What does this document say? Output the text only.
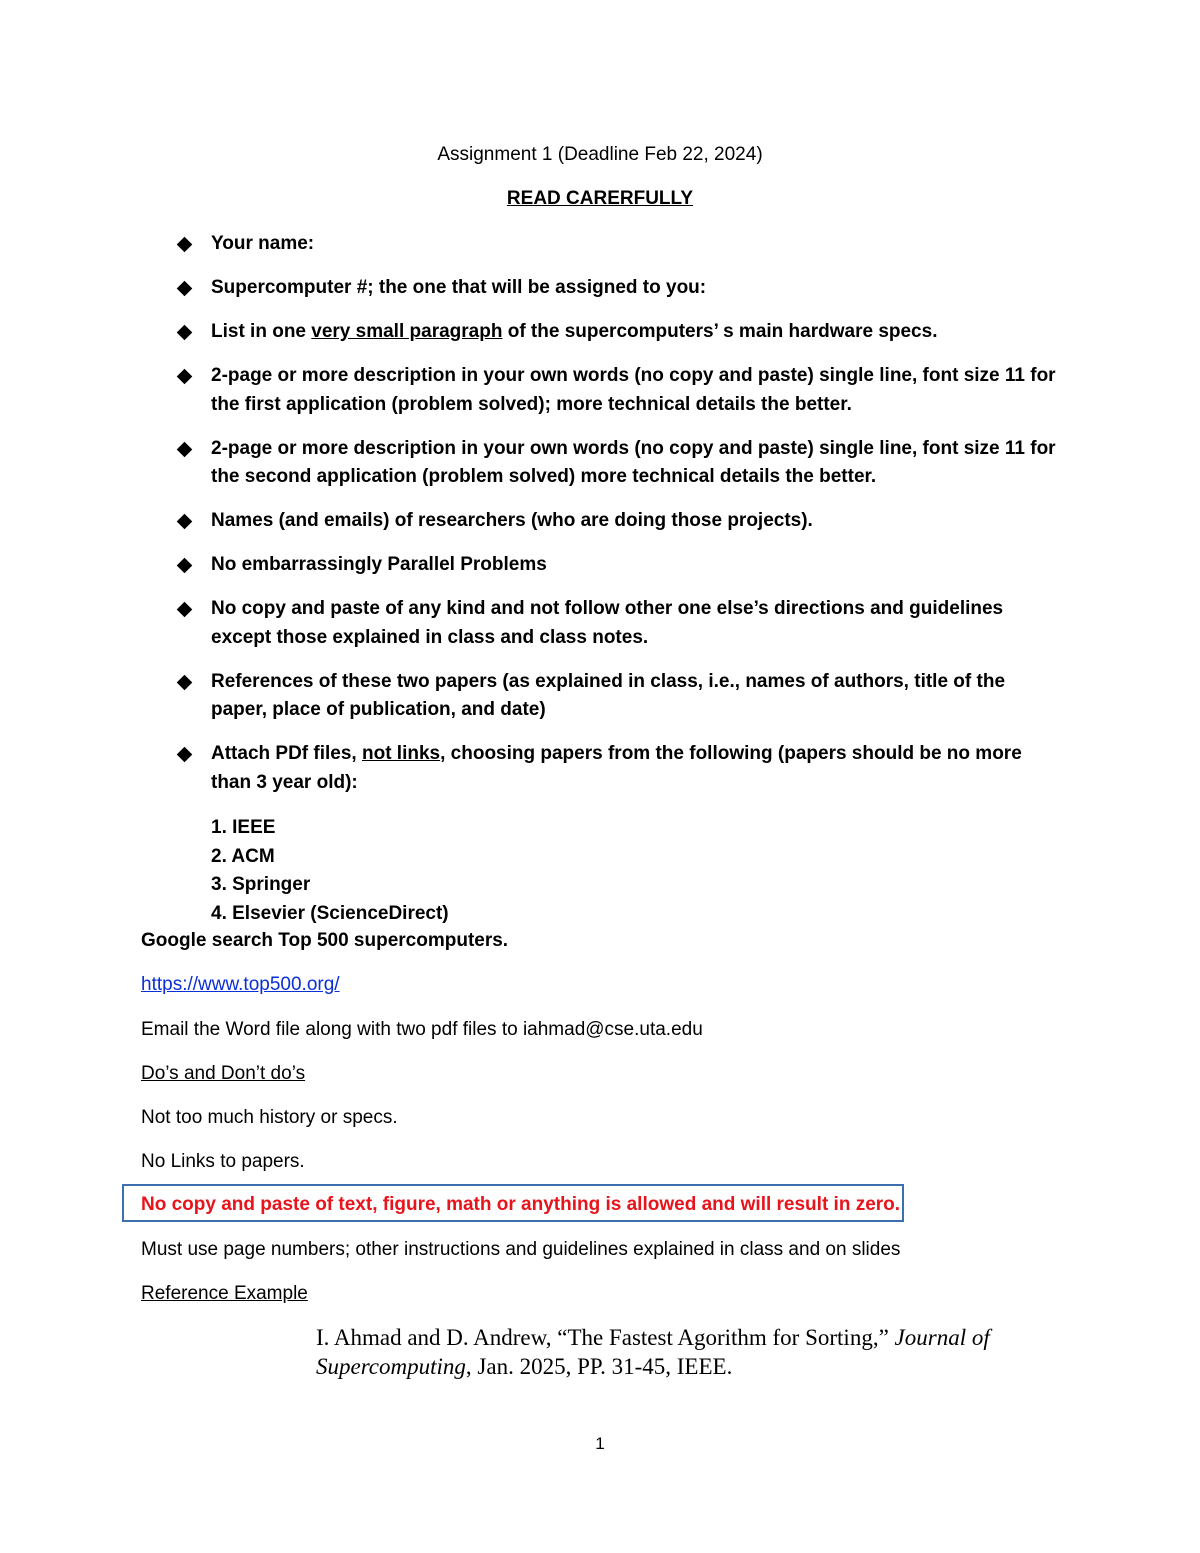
Assignment 1 (Deadline Feb 22, 2024)
READ CARERFULLY
Your name:
Supercomputer #; the one that will be assigned to you:
List in one very small paragraph of the supercomputers’ s main hardware specs.
2-page or more description in your own words (no copy and paste) single line, font size 11 for the first application (problem solved); more technical details the better.
2-page or more description in your own words (no copy and paste) single line, font size 11 for the second application (problem solved) more technical details the better.
Names (and emails) of researchers (who are doing those projects).
No embarrassingly Parallel Problems
No copy and paste of any kind and not follow other one else’s directions and guidelines except those explained in class and class notes.
References of these two papers (as explained in class, i.e., names of authors, title of the paper, place of publication, and date)
Attach PDf files, not links, choosing papers from the following (papers should be no more than 3 year old):
1. IEEE
2. ACM
3. Springer
4. Elsevier (ScienceDirect)
Google search Top 500 supercomputers.
https://www.top500.org/
Email the Word file along with two pdf files to iahmad@cse.uta.edu
Do’s and Don’t do’s
Not too much history or specs.
No Links to papers.
No copy and paste of text, figure, math or anything is allowed and will result in zero.
Must use page numbers; other instructions and guidelines explained in class and on slides
Reference Example
I. Ahmad and D. Andrew, “The Fastest Agorithm for Sorting,” Journal of Supercomputing, Jan. 2025, PP. 31-45, IEEE.
1
